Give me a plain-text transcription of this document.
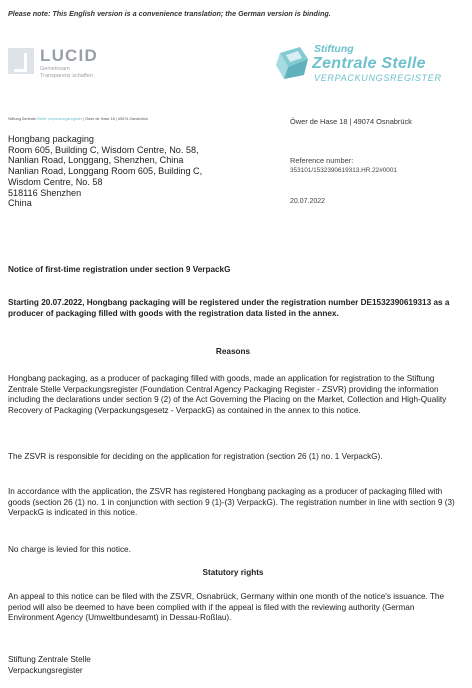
Please note: This English version is a convenience translation; the German version is binding.
LUCID
Gemeinsam
Transparenz schaffen
Stiftung
Zentrale Stelle
VERPACKUNGSREGISTER
Stiftung Zentrale Stelle Verpackungsregister | Öwer de Hase 18 | 49074 Osnabrück	Öwer de Hase 18 | 49074 Osnabrück
Hongbang packaging
Room 605, Building C, Wisdom Centre, No. 58,
Nanlian Road, Longgang, Shenzhen, China
Nanlian Road, Longgang Room 605, Building C,
Wisdom Centre, No. 58
518116 Shenzhen
China
Reference number:
353101/1532390619313.HR.22#0001
20.07.2022
Notice of first-time registration under section 9 VerpackG
Starting 20.07.2022, Hongbang packaging will be registered under the registration number DE1532390619313 as a producer of packaging filled with goods with the registration data listed in the annex.
Reasons
Hongbang packaging, as a producer of packaging filled with goods, made an application for registration to the Stiftung Zentrale Stelle Verpackungsregister (Foundation Central Agency Packaging Register - ZSVR) providing the information including the declarations under section 9 (2) of the Act Governing the Placing on the Market, Collection and High-Quality Recovery of Packaging (Verpackungsgesetz - VerpackG) as contained in the annex to this notice.
The ZSVR is responsible for deciding on the application for registration (section 26 (1) no. 1 VerpackG).
In accordance with the application, the ZSVR has registered Hongbang packaging as a producer of packaging filled with goods (section 26 (1) no. 1 in conjunction with section 9 (1)-(3) VerpackG). The registration number in line with section 9 (3) VerpackG is indicated in this notice.
No charge is levied for this notice.
Statutory rights
An appeal to this notice can be filed with the ZSVR, Osnabrück, Germany within one month of the notice's issuance. The period will also be deemed to have been complied with if the appeal is filed with the reviewing authority (German Environment Agency (Umweltbundesamt) in Dessau-Roßlau).
Stiftung Zentrale Stelle
Verpackungsregister
